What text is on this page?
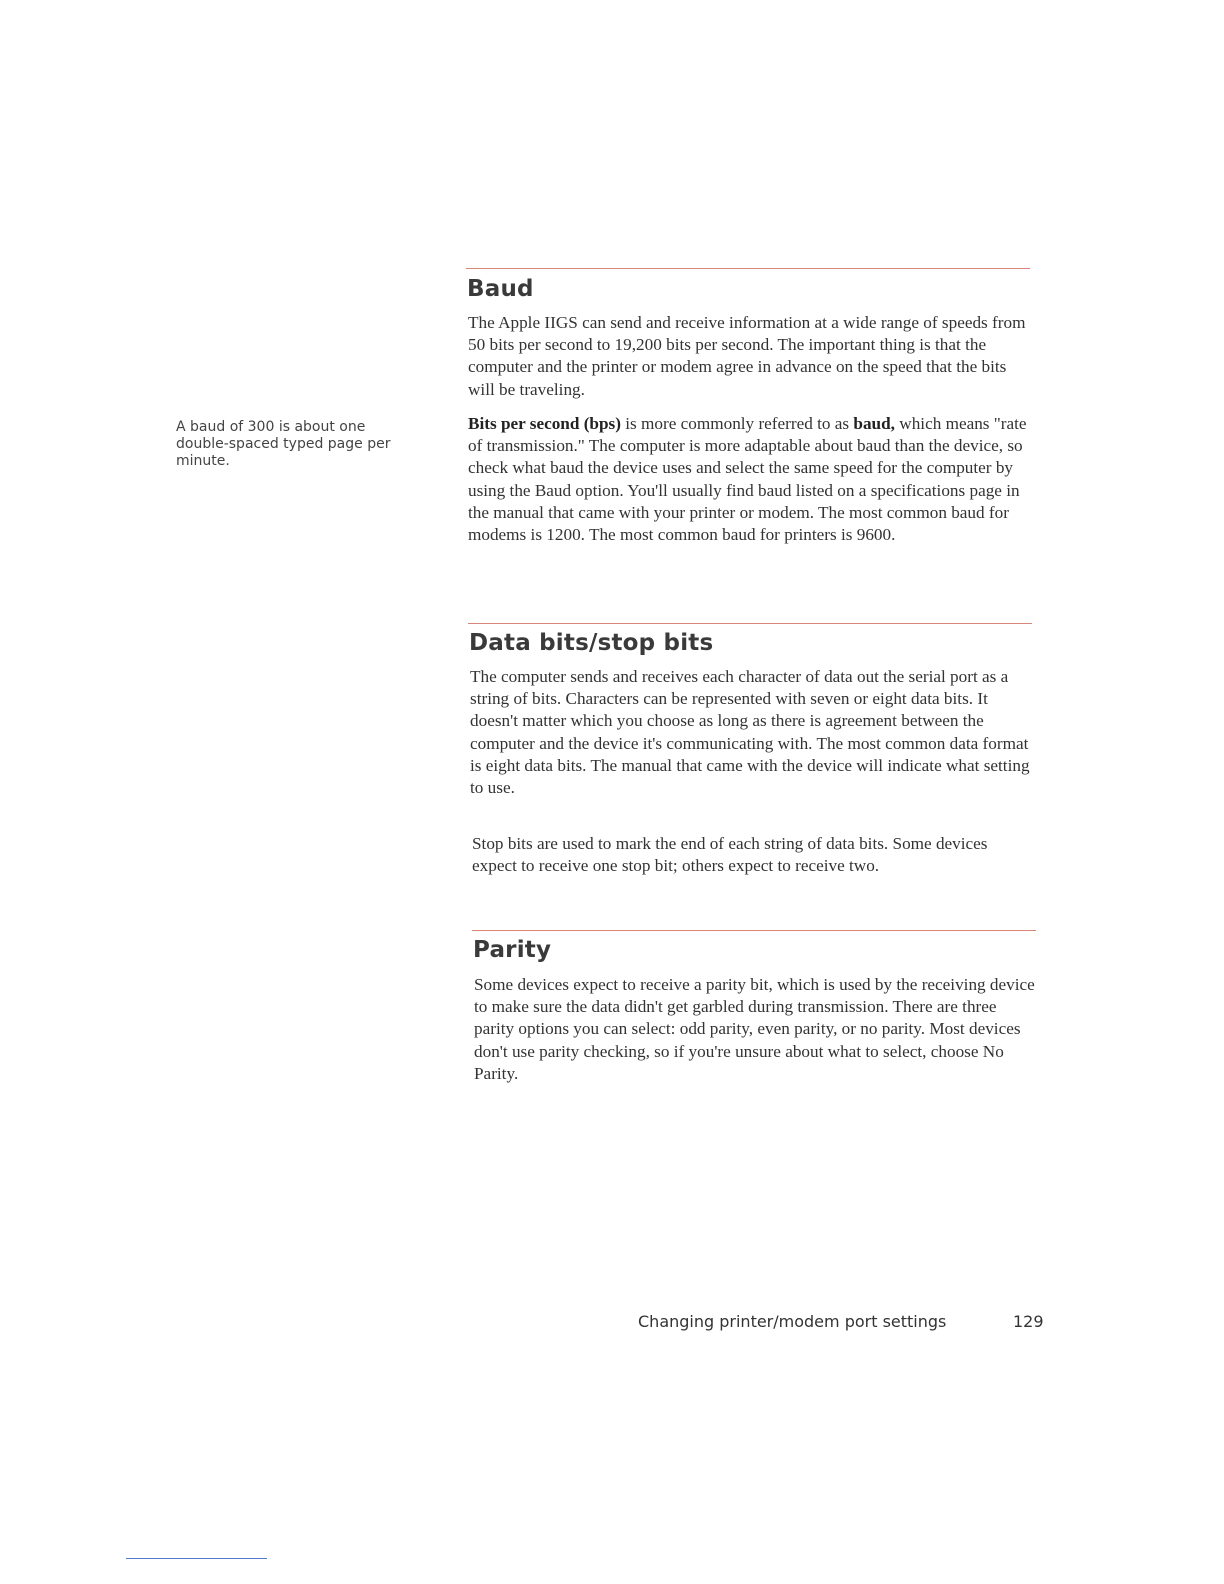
Baud

The Apple IIGS can send and receive information at a wide range of speeds from 50 bits per second to 19,200 bits per second. The important thing is that the computer and the printer or modem agree in advance on the speed that the bits will be traveling.

A baud of 300 is about one double-spaced typed page per minute.

Bits per second (bps) is more commonly referred to as baud, which means "rate of transmission." The computer is more adaptable about baud than the device, so check what baud the device uses and select the same speed for the computer by using the Baud option. You'll usually find baud listed on a specifications page in the manual that came with your printer or modem. The most common baud for modems is 1200. The most common baud for printers is 9600.

Data bits/stop bits

The computer sends and receives each character of data out the serial port as a string of bits. Characters can be represented with seven or eight data bits. It doesn't matter which you choose as long as there is agreement between the computer and the device it's communicating with. The most common data format is eight data bits. The manual that came with the device will indicate what setting to use.

Stop bits are used to mark the end of each string of data bits. Some devices expect to receive one stop bit; others expect to receive two.

Parity

Some devices expect to receive a parity bit, which is used by the receiving device to make sure the data didn't get garbled during transmission. There are three parity options you can select: odd parity, even parity, or no parity. Most devices don't use parity checking, so if you're unsure about what to select, choose No Parity.

Changing printer/modem port settings	129
